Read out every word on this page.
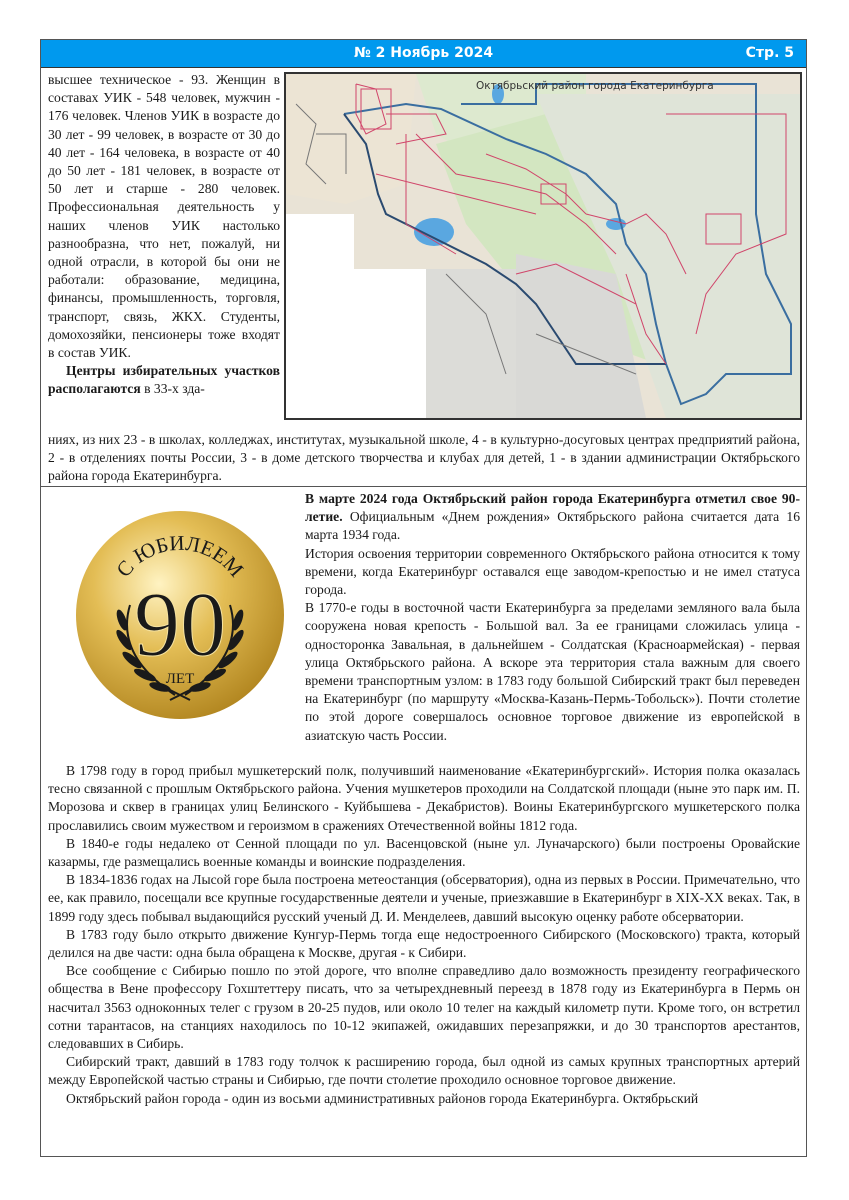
№ 2 Ноябрь 2024	Стр. 5

высшее техническое - 93. Женщин в составах УИК - 548 человек, мужчин - 176 человек. Членов УИК в возрасте до 30 лет - 99 человек, в возрасте от 30 до 40 лет - 164 человека, в возрасте от 40 до 50 лет - 181 человек, в возрасте от 50 лет и старше - 280 человек. Профессиональная деятельность у наших членов УИК настолько разнообразна, что нет, пожалуй, ни одной отрасли, в которой бы они не работали: образование, медицина, финансы, промышленность, торговля, транспорт, связь, ЖКХ. Студенты, домохозяйки, пенсионеры тоже входят в состав УИК.

Центры избирательных участков располагаются в 33-х зда-

ниях, из них 23 - в школах, колледжах, институтах, музыкальной школе, 4 - в культурно-досуговых центрах предприятий района, 2 - в отделениях почты России, 3 - в доме детского творчества и клубах для детей, 1 - в здании администрации Октябрьского района города Екатеринбурга.

Октябрьский район города Екатеринбурга
С ЮБИЛЕЕМ
90
ЛЕТ

В марте 2024 года Октябрьский район города Екатеринбурга отметил свое 90-летие. Официальным «Днем рождения» Октябрьского района считается дата 16 марта 1934 года.

История освоения территории современного Октябрьского района относится к тому времени, когда Екатеринбург оставался еще заводом-крепостью и не имел статуса города.

В 1770-е годы в восточной части Екатеринбурга за пределами земляного вала была сооружена новая крепость - Большой вал. За ее границами сложилась улица - односторонка Завальная, в дальнейшем - Солдатская (Красноармейская) - первая улица Октябрьского района. А вскоре эта территория стала важным для своего времени транспортным узлом: в 1783 году большой Сибирский тракт был переведен на Екатеринбург (по маршруту «Москва-Казань-Пермь-Тобольск»). Почти столетие по этой дороге совершалось основное торговое движение из европейской в азиатскую часть России.

В 1798 году в город прибыл мушкетерский полк, получивший наименование «Екатеринбургский». История полка оказалась тесно связанной с прошлым Октябрьского района. Учения мушкетеров проходили на Солдатской площади (ныне это парк им. П. Морозова и сквер в границах улиц Белинского - Куйбышева - Декабристов). Воины Екатеринбургского мушкетерского полка прославились своим мужеством и героизмом в сражениях Отечественной войны 1812 года.

В 1840-е годы недалеко от Сенной площади по ул. Васенцовской (ныне ул. Луначарского) были построены Оровайские казармы, где размещались военные команды и воинские подразделения.

В 1834-1836 годах на Лысой горе была построена метеостанция (обсерватория), одна из первых в России. Примечательно, что ее, как правило, посещали все крупные государственные деятели и ученые, приезжавшие в Екатеринбург в XIX-XX веках. Так, в 1899 году здесь побывал выдающийся русский ученый Д. И. Менделеев, давший высокую оценку работе обсерватории.

В 1783 году было открыто движение Кунгур-Пермь тогда еще недостроенного Сибирского (Московского) тракта, который делился на две части: одна была обращена к Москве, другая - к Сибири.

Все сообщение с Сибирью пошло по этой дороге, что вполне справедливо дало возможность президенту географического общества в Вене профессору Гохштеттеру писать, что за четырехдневный переезд в 1878 году из Екатеринбурга в Пермь он насчитал 3563 одноконных телег с грузом в 20-25 пудов, или около 10 телег на каждый километр пути. Кроме того, он встретил сотни тарантасов, на станциях находилось по 10-12 экипажей, ожидавших перезапряжки, и до 30 транспортов арестантов, следовавших в Сибирь.

Сибирский тракт, давший в 1783 году толчок к расширению города, был одной из самых крупных транспортных артерий между Европейской частью страны и Сибирью, где почти столетие проходило основное торговое движение.

Октябрьский район города - один из восьми административных районов города Екатеринбурга. Октябрьский
